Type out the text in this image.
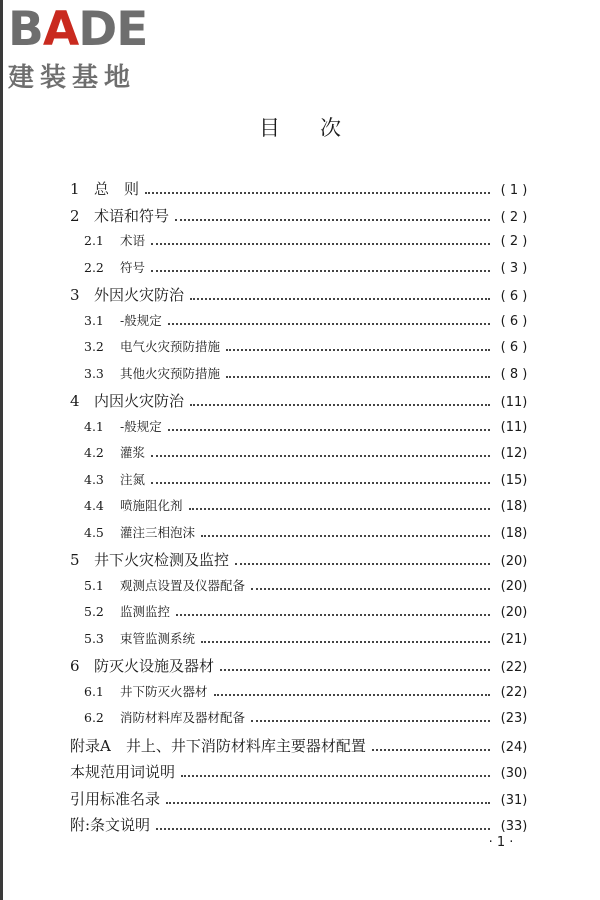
BADE
建装基地
目次
1 总　则	( 1 )
2 术语和符号	( 2 )
2.1 术语	( 2 )
2.2 符号	( 3 )
3 外因火灾防治	( 6 )
3.1 -般规定	( 6 )
3.2 电气火灾预防措施	( 6 )
3.3 其他火灾预防措施	( 8 )
4 内因火灾防治	(11)
4.1 -般规定	(11)
4.2 灌浆	(12)
4.3 注氮	(15)
4.4 喷施阻化剂	(18)
4.5 灌注三相泡沫	(18)
5 井下火灾检测及监控	(20)
5.1 观测点设置及仪器配备	(20)
5.2 监测监控	(20)
5.3 束管监测系统	(21)
6 防灭火设施及器材	(22)
6.1 井下防灭火器材	(22)
6.2 消防材料库及器材配备	(23)
附录A　井上、井下消防材料库主要器材配置	(24)
本规范用词说明	(30)
引用标准名录	(31)
附:条文说明	(33)
· 1 ·
